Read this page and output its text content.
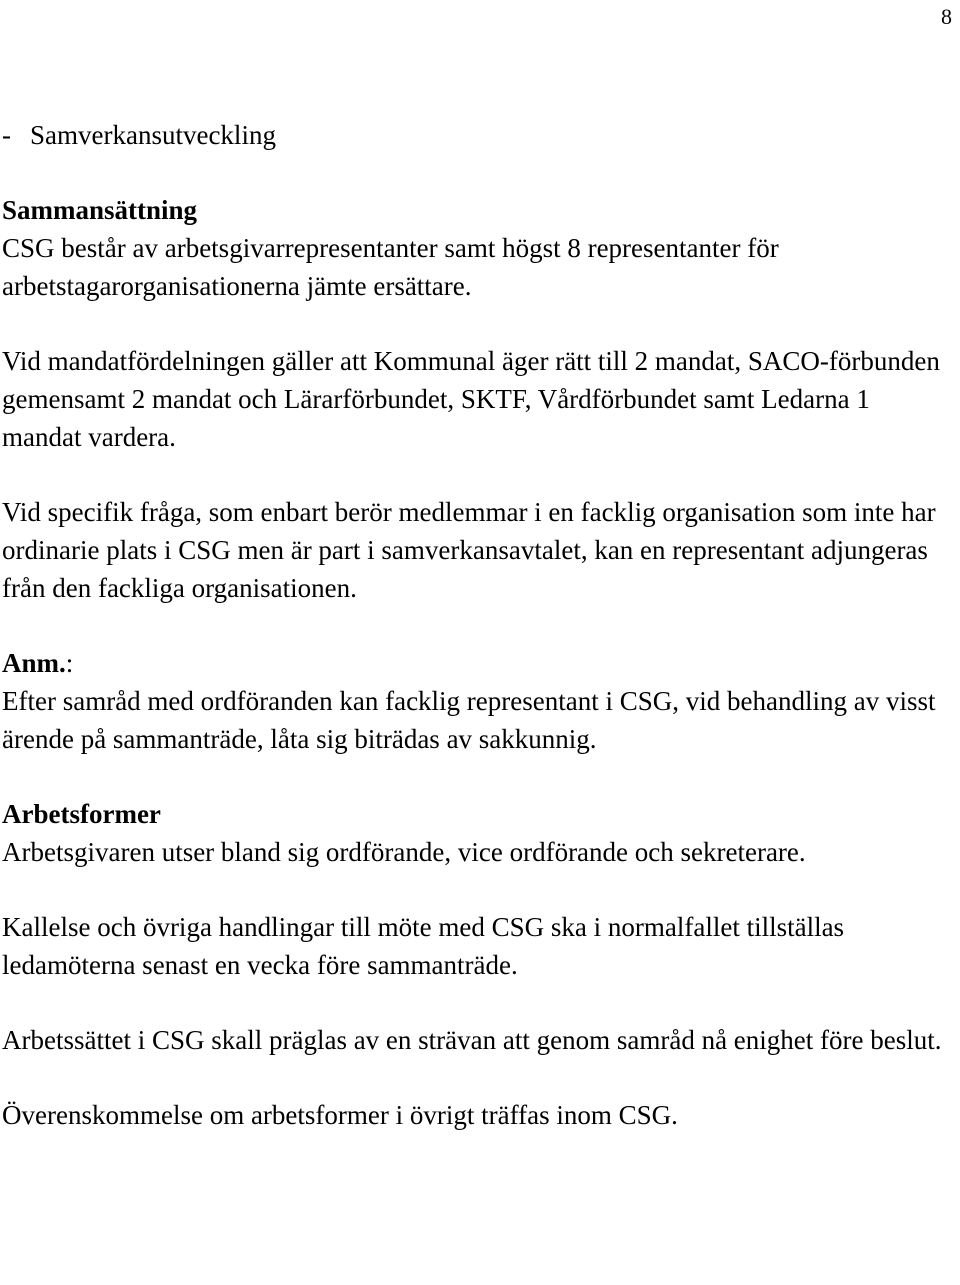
8

- Samverkansutveckling

Sammansättning

CSG består av arbetsgivarrepresentanter samt högst 8 representanter för arbetstagarorganisationerna jämte ersättare.

Vid mandatfördelningen gäller att Kommunal äger rätt till 2 mandat, SACO-förbunden gemensamt 2 mandat och Lärarförbundet, SKTF, Vårdförbundet samt Ledarna 1 mandat vardera.

Vid specifik fråga, som enbart berör medlemmar i en facklig organisation som inte har ordinarie plats i CSG men är part i samverkansavtalet, kan en representant adjungeras från den fackliga organisationen.

Anm.:

Efter samråd med ordföranden kan facklig representant i CSG, vid behandling av visst ärende på sammanträde, låta sig biträdas av sakkunnig.

Arbetsformer

Arbetsgivaren utser bland sig ordförande, vice ordförande och sekreterare.

Kallelse och övriga handlingar till möte med CSG ska i normalfallet tillställas ledamöterna senast en vecka före sammanträde.

Arbetssättet i CSG skall präglas av en strävan att genom samråd nå enighet före beslut.

Överenskommelse om arbetsformer i övrigt träffas inom CSG.
